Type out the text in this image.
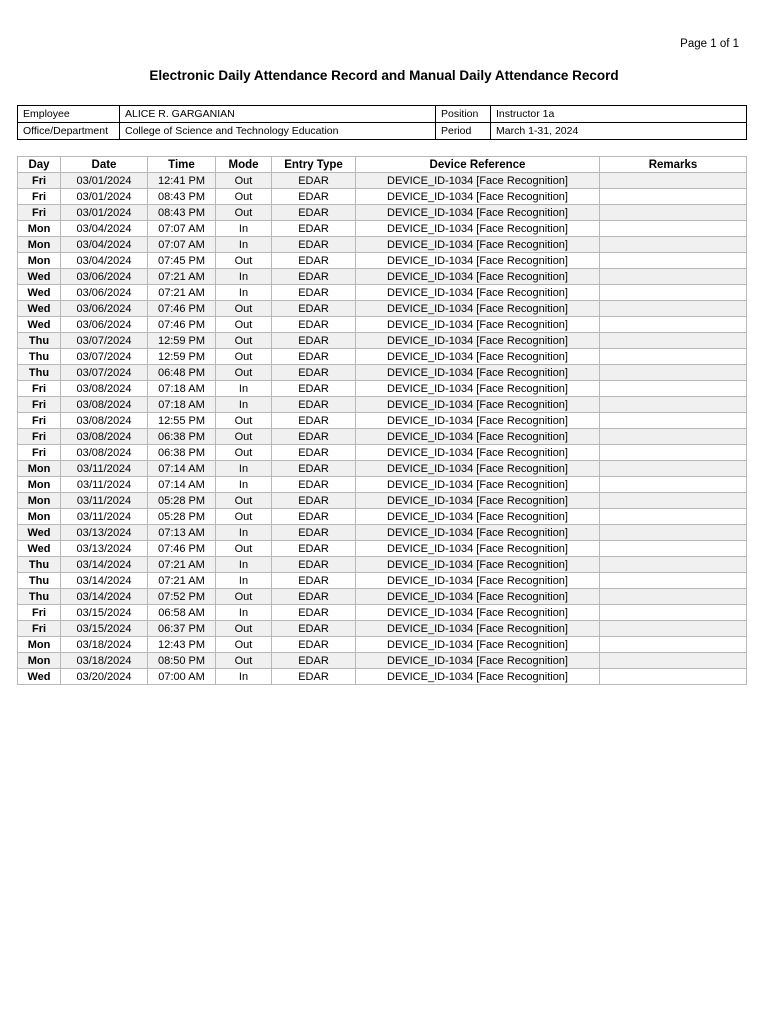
Page 1 of 1
Electronic Daily Attendance Record and Manual Daily Attendance Record
Employee	ALICE R. GARGANIAN	Position	Instructor 1a
Office/Department	College of Science and Technology Education	Period	March 1-31, 2024
Day	Date	Time	Mode	Entry Type	Device Reference	Remarks
Fri	03/01/2024	12:41 PM	Out	EDAR	DEVICE_ID-1034 [Face Recognition]	
Fri	03/01/2024	08:43 PM	Out	EDAR	DEVICE_ID-1034 [Face Recognition]	
Fri	03/01/2024	08:43 PM	Out	EDAR	DEVICE_ID-1034 [Face Recognition]	
Mon	03/04/2024	07:07 AM	In	EDAR	DEVICE_ID-1034 [Face Recognition]	
Mon	03/04/2024	07:07 AM	In	EDAR	DEVICE_ID-1034 [Face Recognition]	
Mon	03/04/2024	07:45 PM	Out	EDAR	DEVICE_ID-1034 [Face Recognition]	
Wed	03/06/2024	07:21 AM	In	EDAR	DEVICE_ID-1034 [Face Recognition]	
Wed	03/06/2024	07:21 AM	In	EDAR	DEVICE_ID-1034 [Face Recognition]	
Wed	03/06/2024	07:46 PM	Out	EDAR	DEVICE_ID-1034 [Face Recognition]	
Wed	03/06/2024	07:46 PM	Out	EDAR	DEVICE_ID-1034 [Face Recognition]	
Thu	03/07/2024	12:59 PM	Out	EDAR	DEVICE_ID-1034 [Face Recognition]	
Thu	03/07/2024	12:59 PM	Out	EDAR	DEVICE_ID-1034 [Face Recognition]	
Thu	03/07/2024	06:48 PM	Out	EDAR	DEVICE_ID-1034 [Face Recognition]	
Fri	03/08/2024	07:18 AM	In	EDAR	DEVICE_ID-1034 [Face Recognition]	
Fri	03/08/2024	07:18 AM	In	EDAR	DEVICE_ID-1034 [Face Recognition]	
Fri	03/08/2024	12:55 PM	Out	EDAR	DEVICE_ID-1034 [Face Recognition]	
Fri	03/08/2024	06:38 PM	Out	EDAR	DEVICE_ID-1034 [Face Recognition]	
Fri	03/08/2024	06:38 PM	Out	EDAR	DEVICE_ID-1034 [Face Recognition]	
Mon	03/11/2024	07:14 AM	In	EDAR	DEVICE_ID-1034 [Face Recognition]	
Mon	03/11/2024	07:14 AM	In	EDAR	DEVICE_ID-1034 [Face Recognition]	
Mon	03/11/2024	05:28 PM	Out	EDAR	DEVICE_ID-1034 [Face Recognition]	
Mon	03/11/2024	05:28 PM	Out	EDAR	DEVICE_ID-1034 [Face Recognition]	
Wed	03/13/2024	07:13 AM	In	EDAR	DEVICE_ID-1034 [Face Recognition]	
Wed	03/13/2024	07:46 PM	Out	EDAR	DEVICE_ID-1034 [Face Recognition]	
Thu	03/14/2024	07:21 AM	In	EDAR	DEVICE_ID-1034 [Face Recognition]	
Thu	03/14/2024	07:21 AM	In	EDAR	DEVICE_ID-1034 [Face Recognition]	
Thu	03/14/2024	07:52 PM	Out	EDAR	DEVICE_ID-1034 [Face Recognition]	
Fri	03/15/2024	06:58 AM	In	EDAR	DEVICE_ID-1034 [Face Recognition]	
Fri	03/15/2024	06:37 PM	Out	EDAR	DEVICE_ID-1034 [Face Recognition]	
Mon	03/18/2024	12:43 PM	Out	EDAR	DEVICE_ID-1034 [Face Recognition]	
Mon	03/18/2024	08:50 PM	Out	EDAR	DEVICE_ID-1034 [Face Recognition]	
Wed	03/20/2024	07:00 AM	In	EDAR	DEVICE_ID-1034 [Face Recognition]	
